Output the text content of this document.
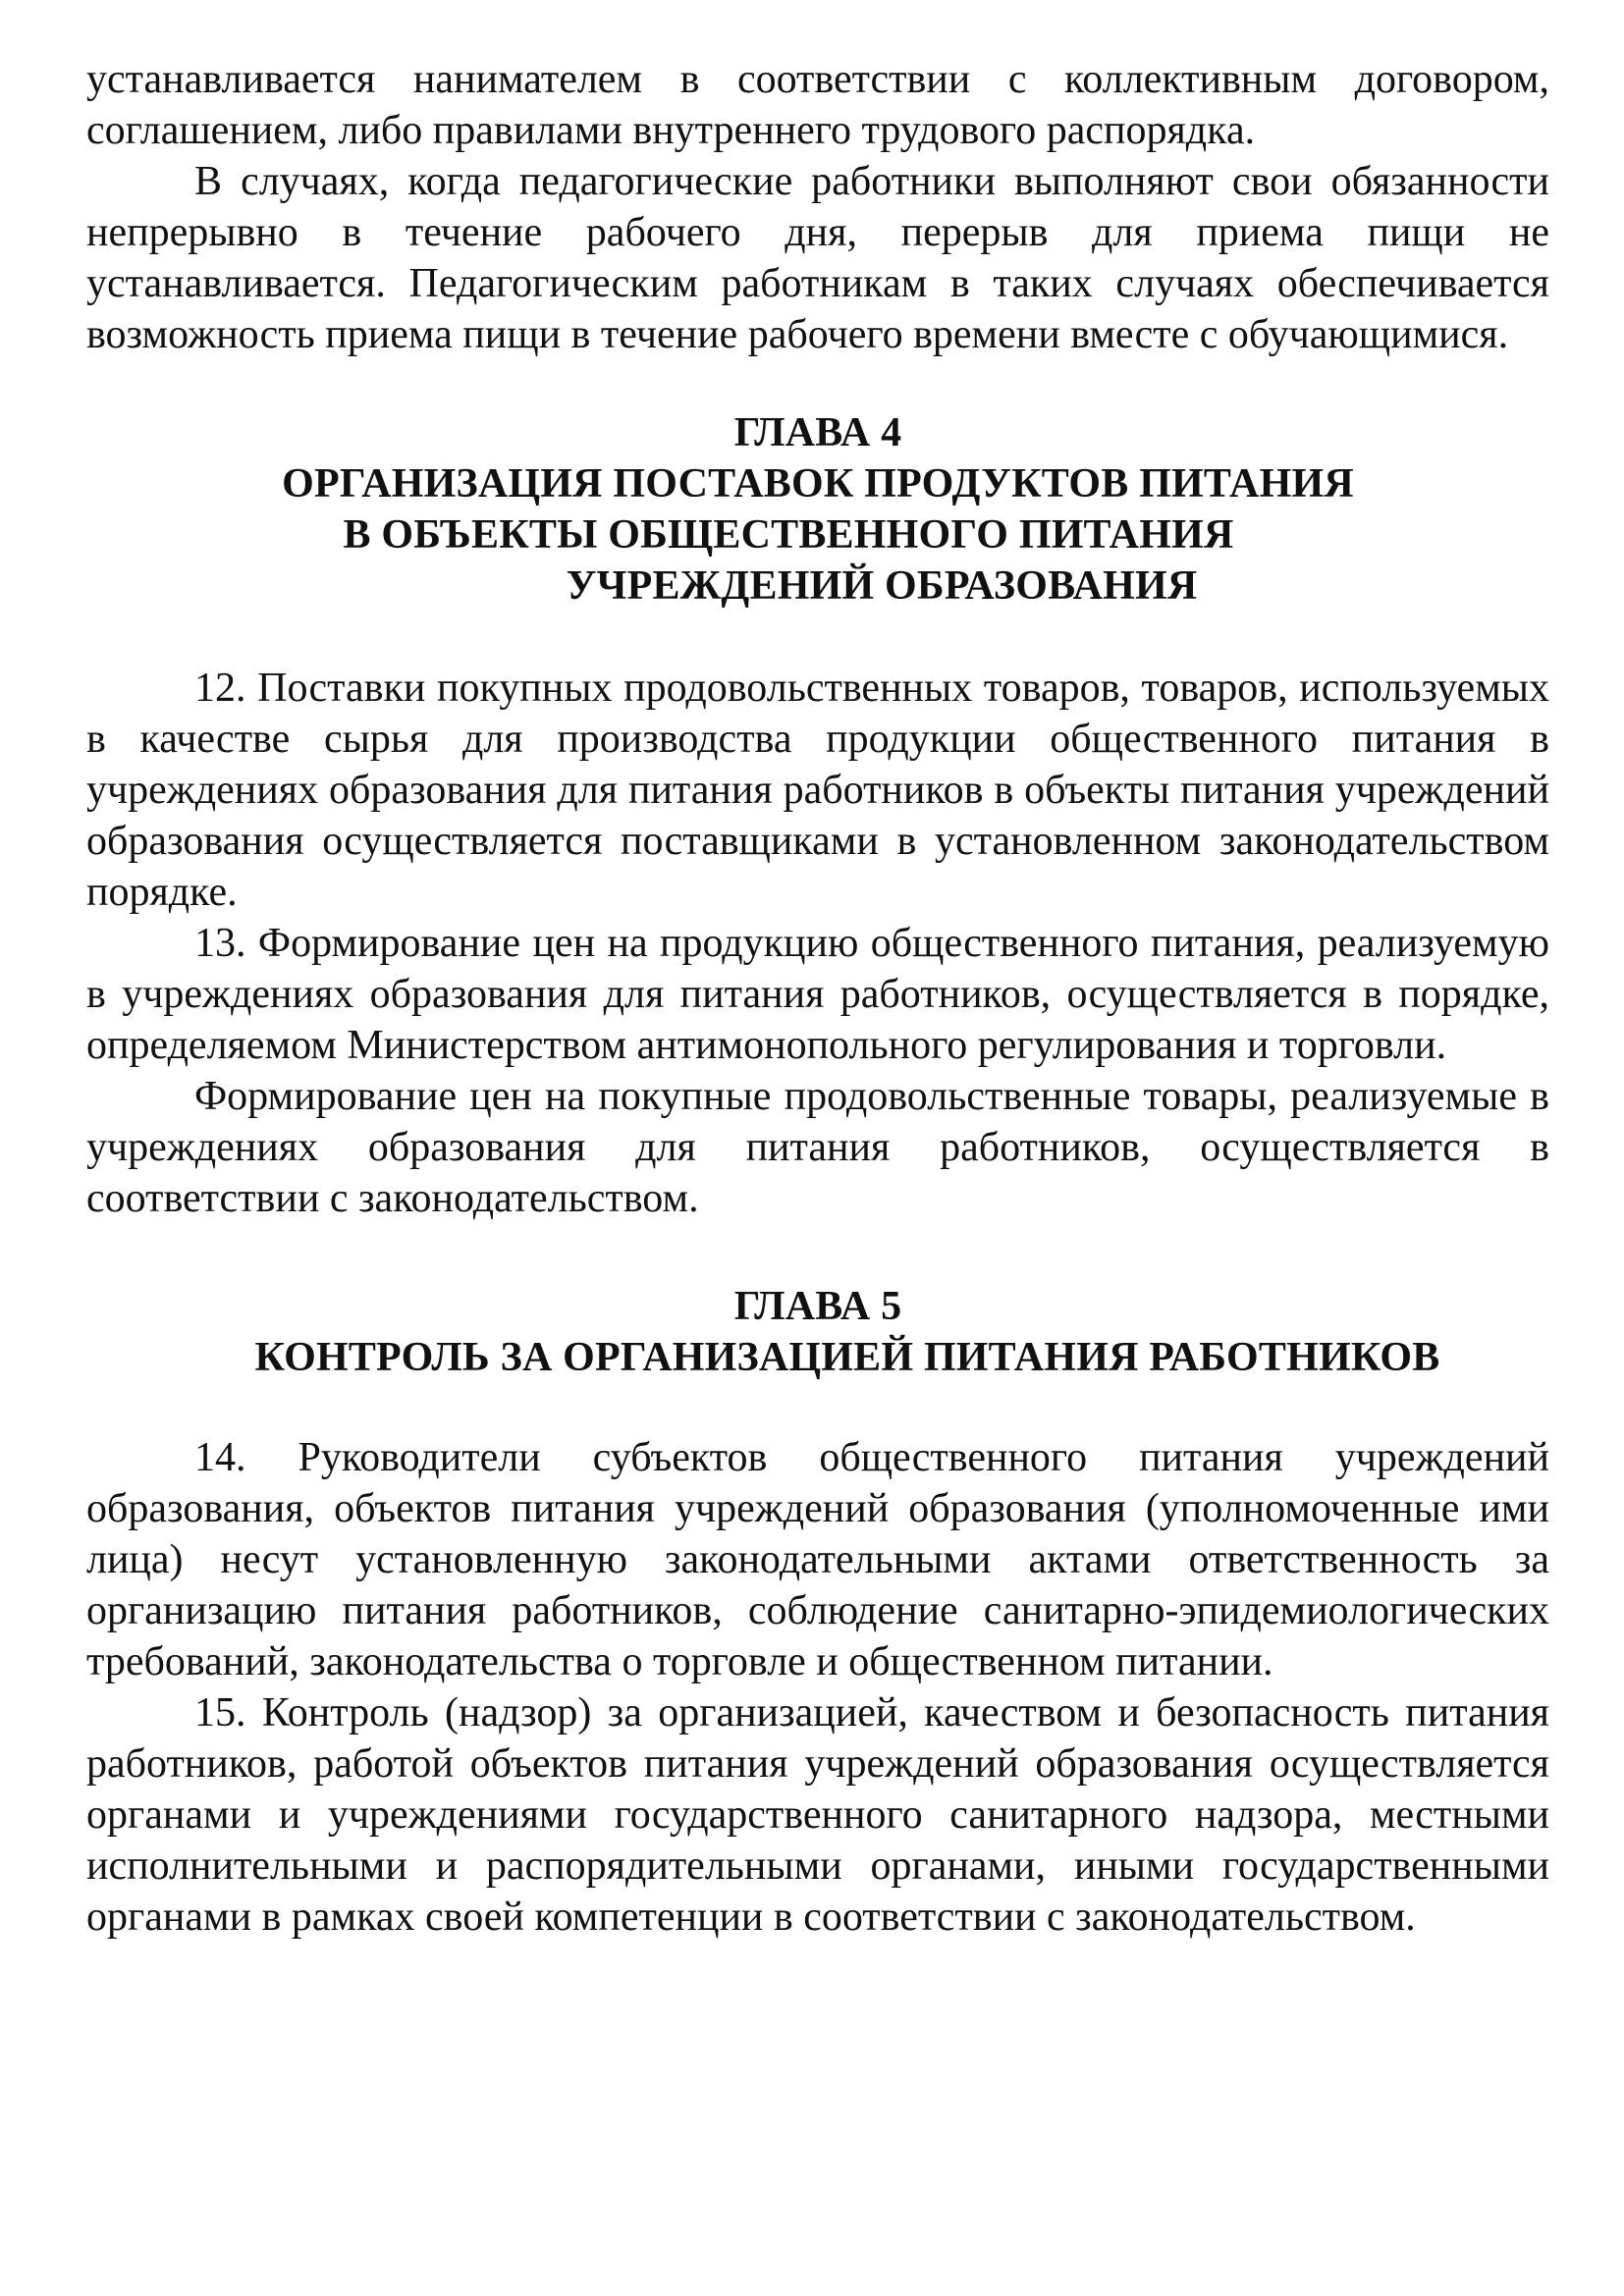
устанавливается нанимателем в соответствии с коллективным договором, соглашением, либо правилами внутреннего трудового распорядка.

В случаях, когда педагогические работники выполняют свои обязанности непрерывно в течение рабочего дня, перерыв для приема пищи не устанавливается. Педагогическим работникам в таких случаях обеспечивается возможность приема пищи в течение рабочего времени вместе с обучающимися.

ГЛАВА 4
ОРГАНИЗАЦИЯ ПОСТАВОК ПРОДУКТОВ ПИТАНИЯ
В ОБЪЕКТЫ ОБЩЕСТВЕННОГО ПИТАНИЯ
УЧРЕЖДЕНИЙ ОБРАЗОВАНИЯ

12. Поставки покупных продовольственных товаров, товаров, используемых в качестве сырья для производства продукции общественного питания в учреждениях образования для питания работников в объекты питания учреждений образования осуществляется поставщиками в установленном законодательством порядке.

13. Формирование цен на продукцию общественного питания, реализуемую в учреждениях образования для питания работников, осуществляется в порядке, определяемом Министерством антимонопольного регулирования и торговли.

Формирование цен на покупные продовольственные товары, реализуемые в учреждениях образования для питания работников, осуществляется в соответствии с законодательством.

ГЛАВА 5
КОНТРОЛЬ ЗА ОРГАНИЗАЦИЕЙ ПИТАНИЯ РАБОТНИКОВ

14. Руководители субъектов общественного питания учреждений образования, объектов питания учреждений образования (уполномоченные ими лица) несут установленную законодательными актами ответственность за организацию питания работников, соблюдение санитарно-эпидемиологических требований, законодательства о торговле и общественном питании.

15. Контроль (надзор) за организацией, качеством и безопасность питания работников, работой объектов питания учреждений образования осуществляется органами и учреждениями государственного санитарного надзора, местными исполнительными и распорядительными органами, иными государственными органами в рамках своей компетенции в соответствии с законодательством.
